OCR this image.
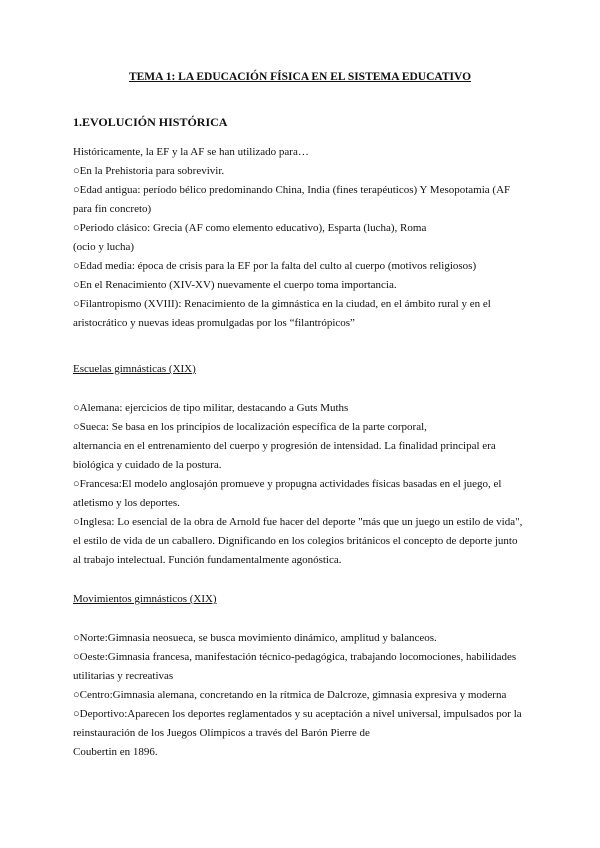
TEMA 1: LA EDUCACIÓN FÍSICA EN EL SISTEMA EDUCATIVO
1.EVOLUCIÓN HISTÓRICA
Históricamente, la EF y la AF se han utilizado para…
○En la Prehistoria para sobrevivir.
○Edad antigua: período bélico predominando China, India (fines terapéuticos) Y Mesopotamia (AF
para fin concreto)
○Periodo clásico: Grecia (AF como elemento educativo), Esparta (lucha), Roma
(ocio y lucha)
○Edad media: época de crisis para la EF por la falta del culto al cuerpo (motivos religiosos)
○En el Renacimiento (XIV-XV) nuevamente el cuerpo toma importancia.
○Filantropismo (XVIII): Renacimiento de la gimnástica en la ciudad, en el ámbito rural y en el
aristocrático y nuevas ideas promulgadas por los “filantrópicos”
Escuelas gimnásticas (XIX)
○Alemana: ejercicios de tipo militar, destacando a Guts Muths
○Sueca: Se basa en los principios de localización específica de la parte corporal,
alternancia en el entrenamiento del cuerpo y progresión de intensidad. La finalidad principal era
biológica y cuidado de la postura.
○Francesa:El modelo anglosajón promueve y propugna actividades físicas basadas en el juego, el
atletismo y los deportes.
○Inglesa: Lo esencial de la obra de Arnold fue hacer del deporte "más que un juego un estilo de vida",
el estilo de vida de un caballero. Dignificando en los colegios británicos el concepto de deporte junto
al trabajo intelectual. Función fundamentalmente agonóstica.
Movimientos gimnásticos (XIX)
○Norte:Gimnasia neosueca, se busca movimiento dinámico, amplitud y balanceos.
○Oeste:Gimnasia francesa, manifestación técnico-pedagógica, trabajando locomociones, habilidades
utilitarias y recreativas
○Centro:Gimnasia alemana, concretando en la rítmica de Dalcroze, gimnasia expresiva y moderna
○Deportivo:Aparecen los deportes reglamentados y su aceptación a nivel universal, impulsados por la
reinstauración de los Juegos Olímpicos a través del Barón Pierre de
Coubertin en 1896.
